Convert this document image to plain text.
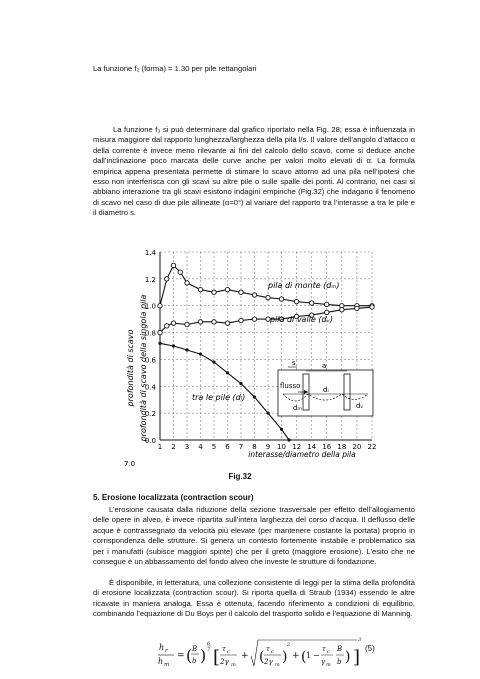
La funzione f₂ (forma) = 1.30 per pile rettangolari
La funzione f₃ si può determinare dal grafico riportato nella Fig. 28; essa è influenzata in misura maggiore dal rapporto lunghezza/larghezza della pila l/s. Il valore dell’angolo d’attacco α della corrente è invece meno rilevante ai fini del calcolo dello scavo, come si deduce anche dall’inclinazione poco marcata delle curve anche per valori molto elevati di α. La formula empirica appena presentata permette di stimare lo scavo attorno ad una pila nell’ipotesi che esso non interferisca con gli scavi su altre pile o sulle spalle dei ponti. Al contrario, nei casi si abbiano interazione tra gli scavi esistono indagini empiriche (Fig.32) che indagano il fenomeno di scavo nel caso di due pile allineate (α=0°) al variare del rapporto tra l’interasse a tra le pile e il diametro s.
1.4
1.2
1.0
0.8
0.6
0.4
0.2
0.0
1 2 3 4 5 6 7 8 9 10 12 14 16 18 20 22
profondità di scavo profondità di scavo della singola pila
pila di monte (dₘ)
pila di valle (dᵥ)
tra le pile (dᵢ)
s	a
flusso	dᵢ
dₘ	dᵥ
interasse/diametro della pila
7.0
Fig.32
5. Erosione localizzata (contraction scour)
L’erosione causata dalla riduzione della sezione trasversale per effetto dell’allogiamento delle opere in alveo, è invece ripartita sull’intera larghezza del corso d’acqua. Il deflusso delle acque è contrassegnato da velocità più elevate (per mantenere costante la portata) proprio in corrispondenza delle strutture. Si genera un contesto fortemente instabile e problematico sia per i manufatti (subisce maggiori spinte) che per il greto (maggiore erosione). L’esito che ne consegue è un abbassamento del fondo alveo che investe le strutture di fondazione.
È disponibile, in letteratura, una collezione consistente di leggi per la stima della profondità di erosione localizzata (contraction scour). Si riporta quella di Straub (1934) essendo le altre ricavate in maniera analoga. Essa è ottenuta, facendo riferimento a condizioni di equilibrio, combinando l’equazione di Du Boys per il calcolo del trasporto solido e l’equazione di Manning.
h r
h m
= ( B
b )
6
7 [ τ c
2γ m
+ ( τ c
2γ m )
2
+ ( 1 −
τ c
γ m
B
b ) ]
3
(5)
